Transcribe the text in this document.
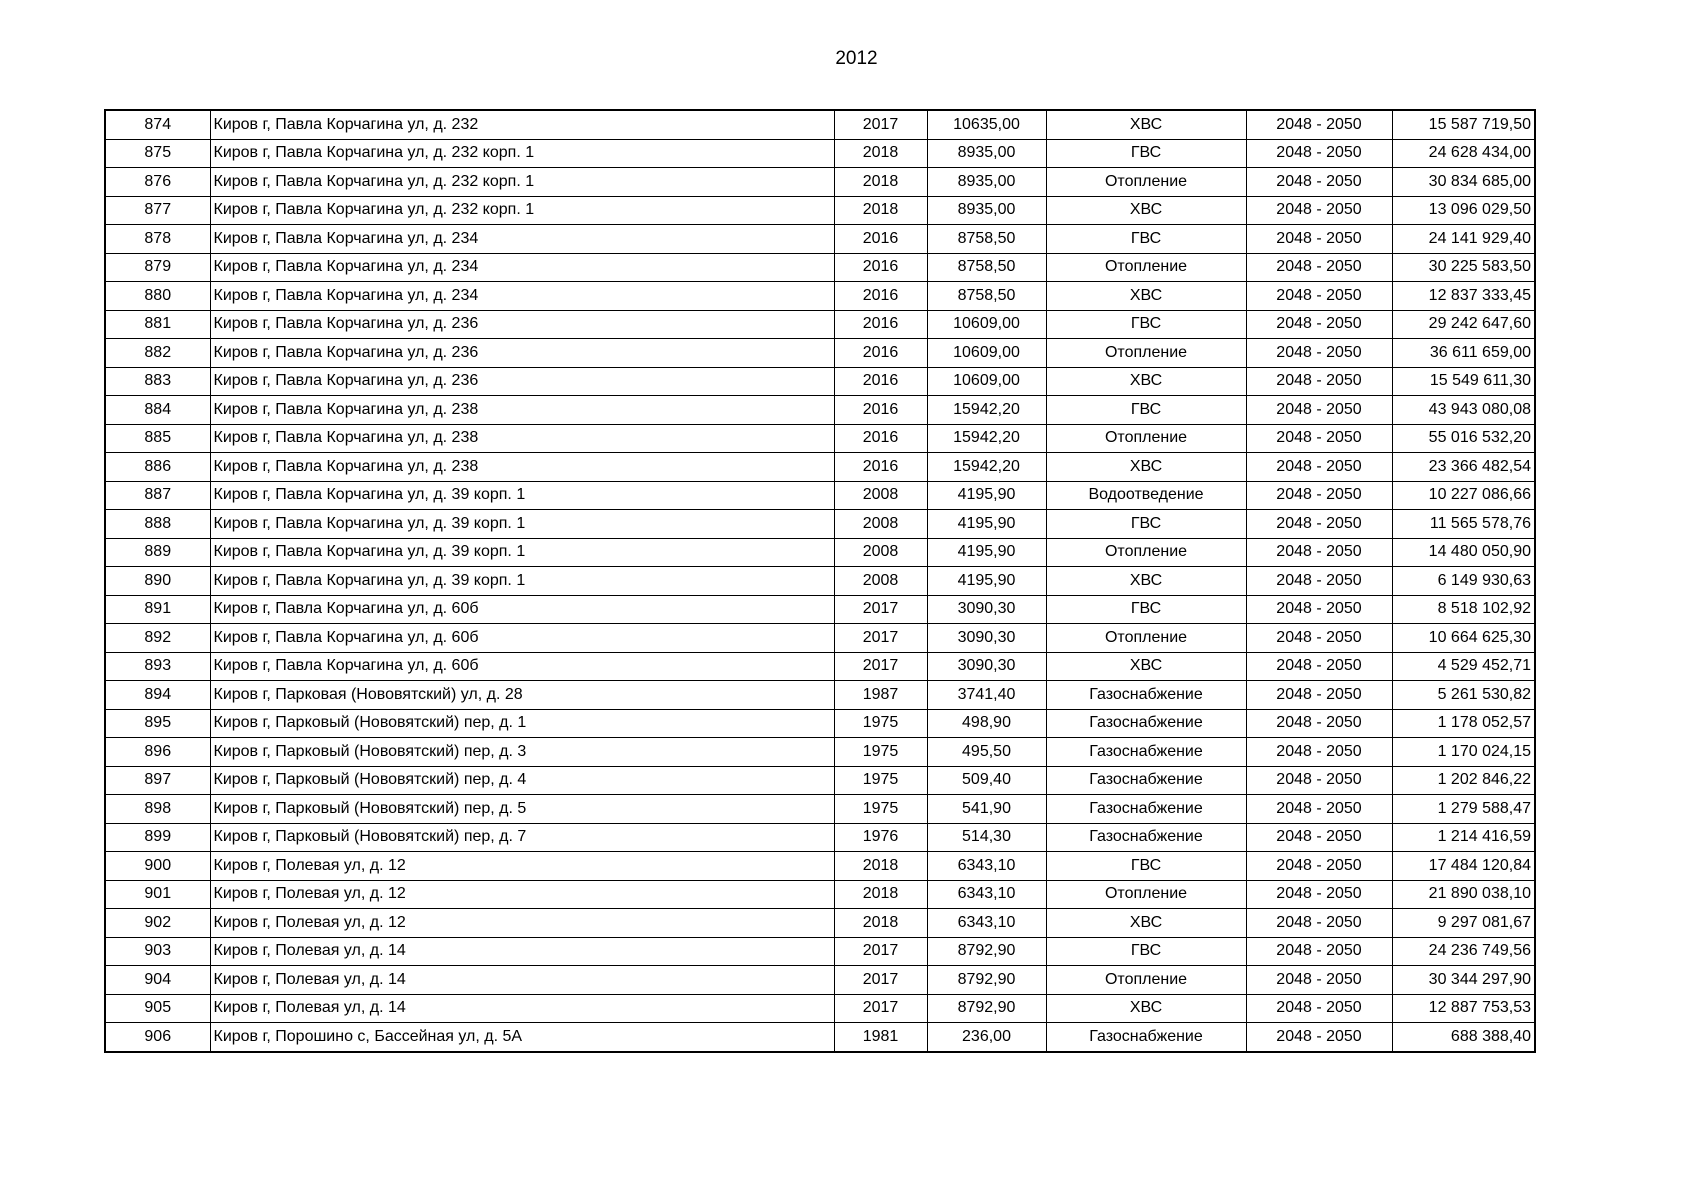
2012
874	Киров г, Павла Корчагина ул, д. 232	2017	10635,00	ХВС	2048 - 2050	15 587 719,50
875	Киров г, Павла Корчагина ул, д. 232 корп. 1	2018	8935,00	ГВС	2048 - 2050	24 628 434,00
876	Киров г, Павла Корчагина ул, д. 232 корп. 1	2018	8935,00	Отопление	2048 - 2050	30 834 685,00
877	Киров г, Павла Корчагина ул, д. 232 корп. 1	2018	8935,00	ХВС	2048 - 2050	13 096 029,50
878	Киров г, Павла Корчагина ул, д. 234	2016	8758,50	ГВС	2048 - 2050	24 141 929,40
879	Киров г, Павла Корчагина ул, д. 234	2016	8758,50	Отопление	2048 - 2050	30 225 583,50
880	Киров г, Павла Корчагина ул, д. 234	2016	8758,50	ХВС	2048 - 2050	12 837 333,45
881	Киров г, Павла Корчагина ул, д. 236	2016	10609,00	ГВС	2048 - 2050	29 242 647,60
882	Киров г, Павла Корчагина ул, д. 236	2016	10609,00	Отопление	2048 - 2050	36 611 659,00
883	Киров г, Павла Корчагина ул, д. 236	2016	10609,00	ХВС	2048 - 2050	15 549 611,30
884	Киров г, Павла Корчагина ул, д. 238	2016	15942,20	ГВС	2048 - 2050	43 943 080,08
885	Киров г, Павла Корчагина ул, д. 238	2016	15942,20	Отопление	2048 - 2050	55 016 532,20
886	Киров г, Павла Корчагина ул, д. 238	2016	15942,20	ХВС	2048 - 2050	23 366 482,54
887	Киров г, Павла Корчагина ул, д. 39 корп. 1	2008	4195,90	Водоотведение	2048 - 2050	10 227 086,66
888	Киров г, Павла Корчагина ул, д. 39 корп. 1	2008	4195,90	ГВС	2048 - 2050	11 565 578,76
889	Киров г, Павла Корчагина ул, д. 39 корп. 1	2008	4195,90	Отопление	2048 - 2050	14 480 050,90
890	Киров г, Павла Корчагина ул, д. 39 корп. 1	2008	4195,90	ХВС	2048 - 2050	6 149 930,63
891	Киров г, Павла Корчагина ул, д. 60б	2017	3090,30	ГВС	2048 - 2050	8 518 102,92
892	Киров г, Павла Корчагина ул, д. 60б	2017	3090,30	Отопление	2048 - 2050	10 664 625,30
893	Киров г, Павла Корчагина ул, д. 60б	2017	3090,30	ХВС	2048 - 2050	4 529 452,71
894	Киров г, Парковая (Нововятский) ул, д. 28	1987	3741,40	Газоснабжение	2048 - 2050	5 261 530,82
895	Киров г, Парковый (Нововятский) пер, д. 1	1975	498,90	Газоснабжение	2048 - 2050	1 178 052,57
896	Киров г, Парковый (Нововятский) пер, д. 3	1975	495,50	Газоснабжение	2048 - 2050	1 170 024,15
897	Киров г, Парковый (Нововятский) пер, д. 4	1975	509,40	Газоснабжение	2048 - 2050	1 202 846,22
898	Киров г, Парковый (Нововятский) пер, д. 5	1975	541,90	Газоснабжение	2048 - 2050	1 279 588,47
899	Киров г, Парковый (Нововятский) пер, д. 7	1976	514,30	Газоснабжение	2048 - 2050	1 214 416,59
900	Киров г, Полевая ул, д. 12	2018	6343,10	ГВС	2048 - 2050	17 484 120,84
901	Киров г, Полевая ул, д. 12	2018	6343,10	Отопление	2048 - 2050	21 890 038,10
902	Киров г, Полевая ул, д. 12	2018	6343,10	ХВС	2048 - 2050	9 297 081,67
903	Киров г, Полевая ул, д. 14	2017	8792,90	ГВС	2048 - 2050	24 236 749,56
904	Киров г, Полевая ул, д. 14	2017	8792,90	Отопление	2048 - 2050	30 344 297,90
905	Киров г, Полевая ул, д. 14	2017	8792,90	ХВС	2048 - 2050	12 887 753,53
906	Киров г, Порошино с, Бассейная ул, д. 5А	1981	236,00	Газоснабжение	2048 - 2050	688 388,40
